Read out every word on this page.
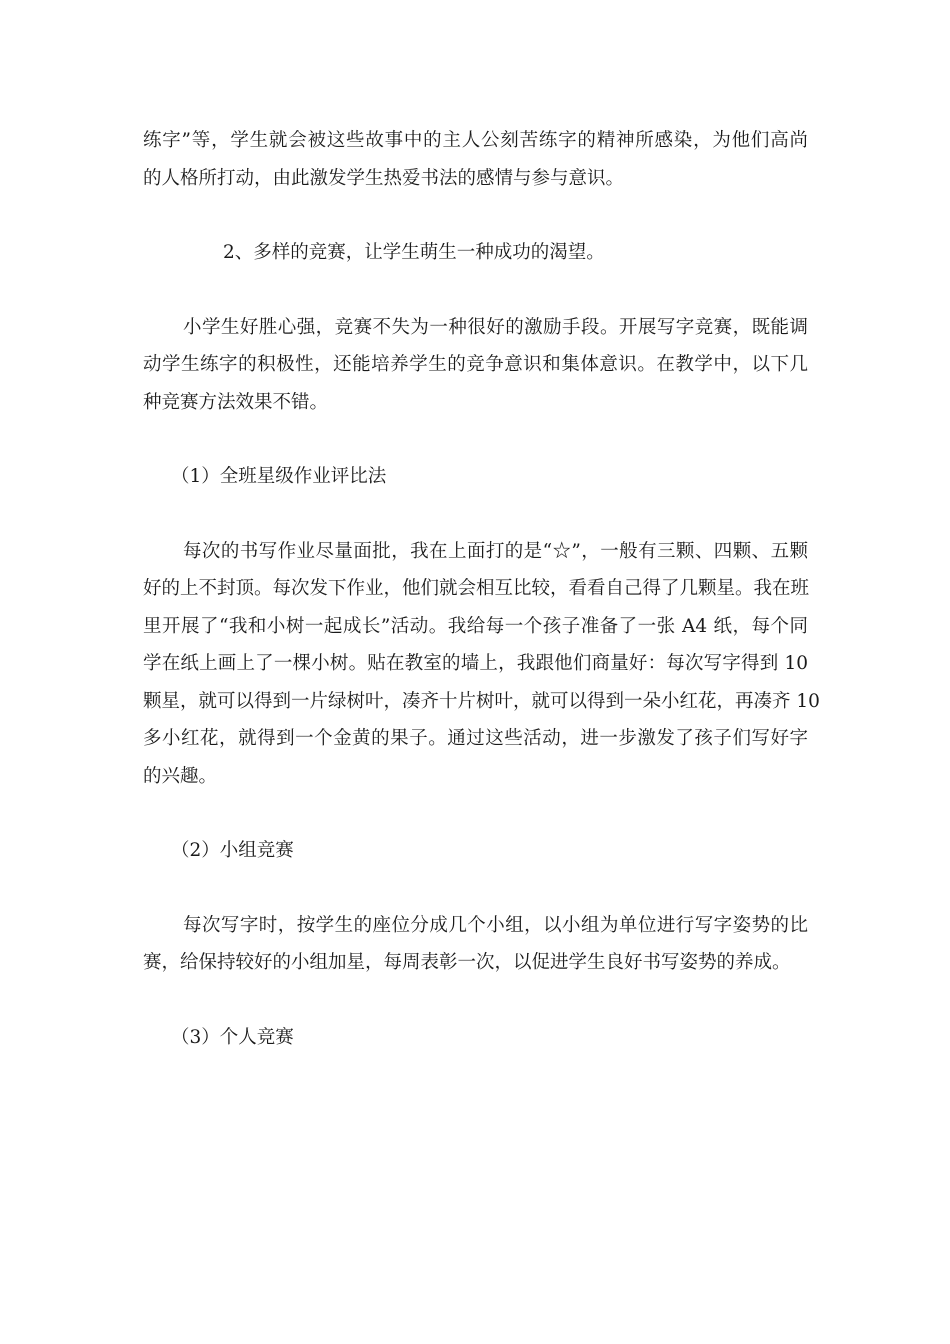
练字”等，学生就会被这些故事中的主人公刻苦练字的精神所感染，为他们高尚
的人格所打动，由此激发学生热爱书法的感情与参与意识。
2、多样的竞赛，让学生萌生一种成功的渴望。
小学生好胜心强，竞赛不失为一种很好的激励手段。开展写字竞赛，既能调
动学生练字的积极性，还能培养学生的竞争意识和集体意识。在教学中，以下几
种竞赛方法效果不错。
（1）全班星级作业评比法
每次的书写作业尽量面批，我在上面打的是“☆”，一般有三颗、四颗、五颗
好的上不封顶。每次发下作业，他们就会相互比较，看看自己得了几颗星。我在班
里开展了“我和小树一起成长”活动。我给每一个孩子准备了一张 A4 纸，每个同
学在纸上画上了一棵小树。贴在教室的墙上，我跟他们商量好：每次写字得到 10
颗星，就可以得到一片绿树叶，凑齐十片树叶，就可以得到一朵小红花，再凑齐 10
多小红花，就得到一个金黄的果子。通过这些活动，进一步激发了孩子们写好字
的兴趣。
（2）小组竞赛
每次写字时，按学生的座位分成几个小组，以小组为单位进行写字姿势的比
赛，给保持较好的小组加星，每周表彰一次，以促进学生良好书写姿势的养成。
（3）个人竞赛
